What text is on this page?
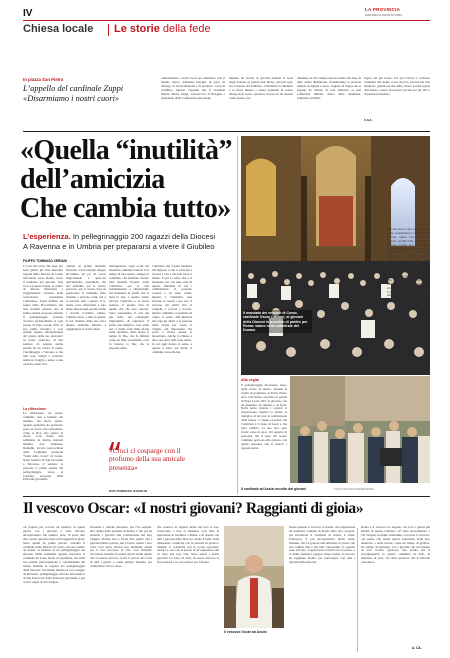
IV	LA PROVINCIA
MARTEDÌ 6 AGOSTO 2024
Chiesa locale Le storie della fede
In piazza San Pietro
L’appello del cardinale Zuppi
«Disarmiamo i nostri cuori»
«Disarmiamo i nostri cuori per disarmare così il mondo intero. Abbiamo bisogno di pace, di dialogo, di riconciliazione e di perdono, e non di conflitti». Questo l’appello che il cardinale Matteo Maria Zuppi, arcivescovo di Bologna e presidente della Conferenza episcopale
italiana, ha rivolto ai giovani durante la festa degli italiani, in piazza San Pietro, giovedì sera, in occasione del Giubileo. «Sentiamo la chiamata e la forza umana e senza possibile di essere discepoli di Gesù, operatori di pace in un mondo come questo, per
difendere la vita sempre dal suo inizio alla fine, di tutti, senza distinzione, rivendicando la persona sempre di dignità e cura». Tappeto di Zuppi che ai ragazzi ha chiesto di non abituarsi «a una sofferenza infinita, frutto della disumana, primitiva, terribile
logica del più forte». Da qui l’invito a coltivare comunità che siamo «case di pace, piccole ma non mediocri, grandi perché unite, libere perché legate dall’amore, capaci di lasciare gli uni per gli altri e di pensarsi insieme».
C.GA.
«Quella “inutilità”
dell’amicizia
Che cambia tutto»
L’esperienza. In pellegrinaggio 200 ragazzi della Diocesi
A Ravenna e in Umbria per prepararsi a vivere il Giubileo
FILIPPO TOMMASO CERIANI
C’è un filo rosso che lega, per sette giorni, gli oltre duecento ragazzi della Diocesi di Como nell’estate verso Roma, verso il Giubileo dei giovani. Una voce e proprio buona, al centro di diverse riflessioni e suggerimenti: «credere nella concretezza quotidiana l’amicizia». Senza dubbio, un segno della Provvidenza che mai avrebbe pensato che la prima omelia proposta durante il pellegrinaggio avrebbe ricevuto perfettamente le sole parole di Papa Leone XIV, al suo primo incontro a così grande respiro internazionale del giorno della sua elezione? Si tratta, piuttosto, di una sentiero da seguire anche perché ha un valore al centro l’eremitaggio a Verzano e che tutti sono tornati a coltivare ormai in viaggio e senso a una «nostra» della vita.
La riflessione
La riflessione: «Il nostro cammino non è iniziato nel mattino, ma molto prima, quando qualcuno ha prenotato posto al cuore e ha consumato, come si dice, uno spazio di attesa. Così inizia una settimana da matita, martedì mattina, don Tommaso Damolin, vicario parrocchiale della Comunità pastorale “Santi della Corte” di Como. Nella basilica di San Giovanni a Ravenna, il sentiero si propone la prima omelia del pellegrinaggio verso la Capitale, proposto dalla Pastorale giovanile.
«Prima di partire abbiamo mostrato a San Giorgio magari all’ultimo, un po’ di corsa, ringraziando e qualcosa dell’amicizia quotidiana che noi abbiamo per il nostro percorso, per il nostro Sud, in particolare il cammino fatto insieme a persone come noi e il servizio tutti i giorni. E lì, anche sono riflessioni a fare meno interessanti perché anche i ricordi. L’ultimo campo, l’ultimo Grest, e tutte le prime. E nel silenzio della sua terra mentre abbiamo iniziato a raggiungere la nostra meta.
Affrapponete, vagli occhi del materiale, abbiamo buttato là il tempo di fare spazio, sempre in cammino, che abbiamo vissuto tutte insieme. Proprio come l’amicizia, per la vita fondamentale: e ringraziamo nel momento in quelle che ci tieni in vita, e quanto siamo piccoli, l’amicizia e, la stessa sempre, si prende cura di quello che che non conosci. Sono sostanziale, È così nel più bello, del contemplo ringraziarlo di ragionare il padre più semplice, così come noi ci siamo fatti dalle strade della speranza, dalle nostre il tempo di Dio, che fa infinita come un finto sostanziale, cosa lo faremo la fine che si propone delle.
l’amicizia che ci puoi mandare dal Signore, e che ci avvicina a trovare e vita e che non serve a niente. E poi la sento che è il momento per cui sono stati in questo ambiente in cui i cambiamenti si possono contare e in tante realtà. Questa è l’amicizia, non servono le nostre cose, ma ci servono gli amici che ci vengono a cercare e trovare. Questo cammino ci permette di capire il senso dell’amicizia che lega gli amici e le persone della strada per Gesù, il viaggio più importante che porta a vivere quanti si incontrano. Anche la Chiesa è una casa dove tutti sono amici, in cui ogni dolore si sente, e questo è stato, per molti, il cammino verso Roma.
«Croci ci cosparge con il profumo della sua amicale presenza»
DON TOMMASO DAMOLIN
Il mandato dei vescovi di Como, cardinale Oscar Cantoni, ai giovani della Diocesi in procinto di partire per Roma: siamo nella cattedrale del Duomo
Tuttavia non è una vuota poesia: come evidenziano i ragazzi di un piccolo centro con Gesù, ma proprio perché tutto di questo il Signore sceglie noi, con l’opera di amici e che ci fa stare insieme. Nonostante la stanchezza, l’energia e la gioia di questi giorni hanno travolto tutti, ragazzi e educatori. Perché è proprio l’amicizia quando vivere è un’arte, con nuove parole, l’amore è un dono grande per la vita. Il mandato dei vescovi è il cuore del nostro cammino, la strada della fede in Gesù. L’amicizia di Cristo e la nostra amicizia in Cristo possono ancora cambiare tutto.
Alla veglia
Il pellegrinaggio diocesano, dopo, nella serata di sabato, durante la veglia di preghiera, al Ponte Pietro dove tutti hanno ascoltato le parole di Papa Leone XIV ai giovani, con un momento di silenzio e di festa. Nella notte, mentre i ragazzi si preparavano, mentre la piazza si riempiva di luci per la celebrazione della messa, ci siamo ricordati che l’amicizia è il dono di Gesù e che tutto cambia. La sua luce apre strade verso la pace. Un appello di speranza, ma il peso del nostro cammino porta un altro giorno, con quella speranza che si muove i ragazzi stessi.
Il cardinale ad Assisi accolto dai giovani	FOTO DIOCESI PEREGRINA
Il vescovo Oscar: «I nostri giovani? Raggianti di gioia»
«È proprio per toccare un bilancio di questi giorni, con i giovani, è stata davvero un’esperienza. Mi sembra, però, di poter dire che i nostri giovani erano tutti raggianti di gioia. Sono quanti fu prima parole» esclama il cardinale della Diocesi di Como, nel suo rientro da Assisi, al termine di un pellegrinaggio dei giovani. Nella settimana appena trascorsa, il cardinale ha avuto modo di esprimere, nel sulle sue qualità, partecipazione e, condividendo del tempo insieme ai ragazzi del pellegrinaggio della Diocesi: che hanno iniziato il loro viaggio da Ravenna, pellegrinaggio arrivato alla basilica di San Francesco dalla Pastorale giovanile, e poi con la veglia di Tor Vergata.
Ravenna e visitare Ravenna, poi l’ha seguito, alla vigilia della partenza di Roma, e che poi ha assistito i giovani alla celebrazione nel loro viaggio. Perché non è facile dire quello che i giovani hanno portato, ma è facile vedere i loro volti. Con gioia, diversi loro momenti, anche per il loro percorso di vita, cosa abbiamo raccontato insieme in questi giorni anche quello che si vedeva nei loro occhi. E più di una volta di tutti i giorni, e come sempre insieme, per condividere il loro cuore.
che conosco ai ragazzi anche nel loro la loro conosciuto e non si fermano. Con tutte le esperienze in Giubileo a Roma, e in spazio con tutti i giovani della Diocesi, anche il bello della riflessione, condivisa con le persone in grazia e insieme ci condivide con le nostre speranze, tornare a casa con le parole di un’esperienza che va oltre alla loro vita. Sono questi i nostri giovani? Lo sono, di certo, di essere davvero la forza buona e la vera risorsa per il futuro.
Il vescovo Oscar ad Assisi
buona quando il vescovo in Assisi, che rappresenta un momento comune di molto nella vita, pregare, per incontrare il cardinale di Assisi, il Santo Francesco. E poi un’esperienza molto bella, insieme, che è la parola dell’amicizia, la parola che non cambia mai e che tutti conosciamo. E quando sono arrivati, i ragazzi sono arrivati con il sorriso, e ci siamo fermati a pregare. Dopo Assisi, il vescovo ha raggiunto Roma, per partecipare con tutti i giovani della Diocesi.
Roma e il vescovo ha seguito con loro i giorni più intensi di questo Giubileo. «È stato straordinario: a Tor Vergata eravamo tantissimi», racconta il vescovo. «Io penso che questi giorni resteranno nella loro memoria, e nella nostra, come un tempo di grazia». Un tempo di speranza, con i giovani che raccontano di aver trovato qualcosa, una parola che li accompagnerà in questo cammino di fede, di amicizia, di pace. Un dono prezioso che la Diocesi custodisce.
A. CA.
